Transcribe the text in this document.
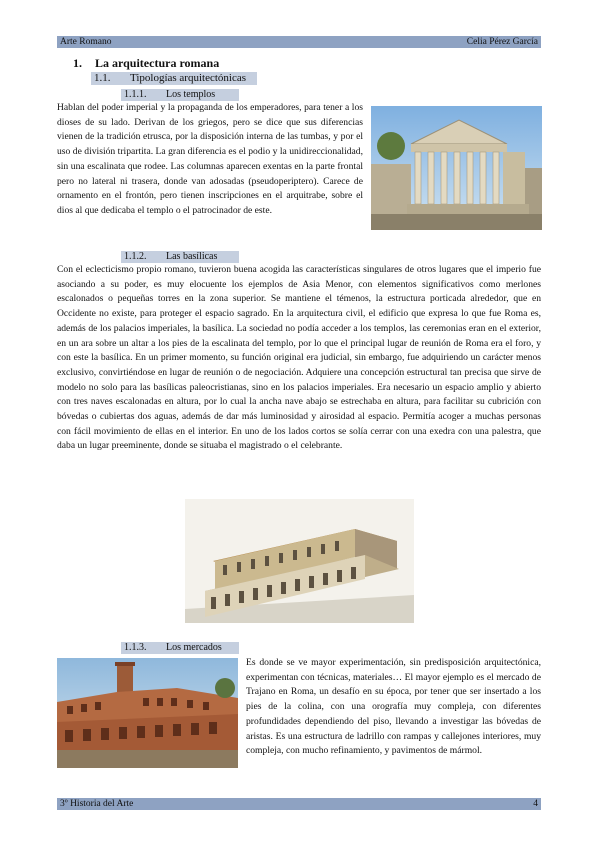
Arte Romano	Celia Pérez García
1. La arquitectura romana
1.1. Tipologías arquitectónicas
1.1.1. Los templos

Hablan del poder imperial y la propaganda de los emperadores, para tener a los dioses de su lado. Derivan de los griegos, pero se dice que sus diferencias vienen de la tradición etrusca, por la disposición interna de las tumbas, y por el uso de división tripartita. La gran diferencia es el podio y la unidireccionalidad, sin una escalinata que rodee. Las columnas aparecen exentas en la parte frontal pero no lateral ni trasera, donde van adosadas (pseudoperiptero). Carece de ornamento en el frontón, pero tienen inscripciones en el arquitrabe, sobre el dios al que dedicaba el templo o el patrocinador de este.

1.1.2. Las basílicas

Con el eclecticismo propio romano, tuvieron buena acogida las características singulares de otros lugares que el imperio fue asociando a su poder, es muy elocuente los ejemplos de Asia Menor, con elementos significativos como merlones escalonados o pequeñas torres en la zona superior. Se mantiene el témenos, la estructura porticada alrededor, que en Occidente no existe, para proteger el espacio sagrado. En la arquitectura civil, el edificio que expresa lo que fue Roma es, además de los palacios imperiales, la basílica. La sociedad no podía acceder a los templos, las ceremonias eran en el exterior, en un ara sobre un altar a los pies de la escalinata del templo, por lo que el principal lugar de reunión de Roma era el foro, y con este la basílica. En un primer momento, su función original era judicial, sin embargo, fue adquiriendo un carácter menos exclusivo, convirtiéndose en lugar de reunión o de negociación. Adquiere una concepción estructural tan precisa que sirve de modelo no solo para las basílicas paleocristianas, sino en los palacios imperiales. Era necesario un espacio amplio y abierto con tres naves escalonadas en altura, por lo cual la ancha nave abajo se estrechaba en altura, para facilitar su cubrición con bóvedas o cubiertas dos aguas, además de dar más luminosidad y airosidad al espacio. Permitía acoger a muchas personas con fácil movimiento de ellas en el interior. En uno de los lados cortos se solía cerrar con una exedra con una palestra, que daba un lugar preeminente, donde se situaba el magistrado o el celebrante.

1.1.3. Los mercados

Es donde se ve mayor experimentación, sin predisposición arquitectónica, experimentan con técnicas, materiales… El mayor ejemplo es el mercado de Trajano en Roma, un desafío en su época, por tener que ser insertado a los pies de la colina, con una orografía muy compleja, con diferentes profundidades dependiendo del piso, llevando a investigar las bóvedas de aristas. Es una estructura de ladrillo con rampas y callejones interiores, muy compleja, con mucho refinamiento, y pavimentos de mármol.

3º Historia del Arte	4
